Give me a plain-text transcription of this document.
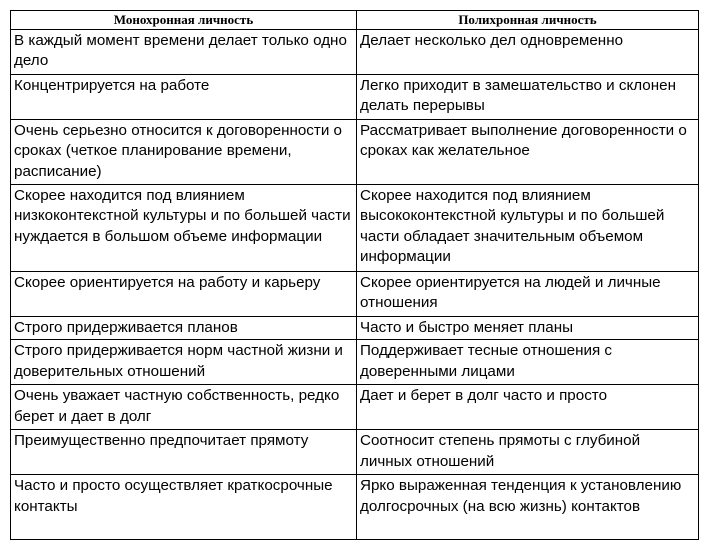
Монохронная личность	Полихронная личность
В каждый момент времени делает только одно дело	Делает несколько дел одновременно
Концентрируется на работе	Легко приходит в замешательство и склонен делать перерывы
Очень серьезно относится к договоренности о сроках (четкое планирование времени, расписание)	Рассматривает выполнение договоренности о сроках как желательное
Скорее находится под влиянием низкоконтекстной культуры и по большей части нуждается в большом объеме информации	Скорее находится под влиянием высококонтекстной культуры и по большей части обладает значительным объемом информации
Скорее ориентируется на работу и карьеру	Скорее ориентируется на людей и личные отношения
Строго придерживается планов	Часто и быстро меняет планы
Строго придерживается норм частной жизни и доверительных отношений	Поддерживает тесные отношения с доверенными лицами
Очень уважает частную собственность, редко берет и дает в долг	Дает и берет в долг часто и просто
Преимущественно предпочитает прямоту	Соотносит степень прямоты с глубиной личных отношений
Часто и просто осуществляет краткосрочные контакты	Ярко выраженная тенденция к установлению долгосрочных (на всю жизнь) контактов
